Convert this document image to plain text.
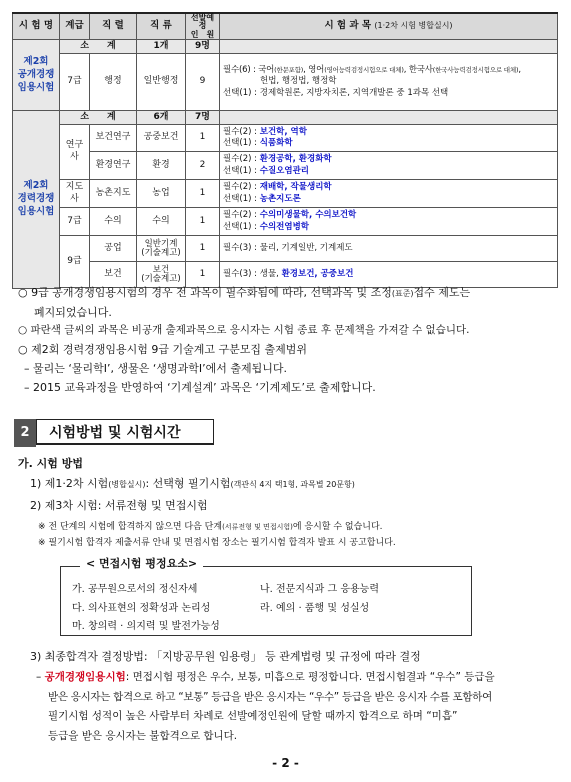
시 험 명	계급	직 렬	직 류	선발예정
인　원	시 험 과 목 (1·2차 시험 병합실시)
제2회
공개경쟁
임용시험	소　　계		1개	9명	
	7급	행정	일반행정	9	필수(6) : 국어(한문포함), 영어(영어능력검정시험으로 대체), 한국사(한국사능력검정시험으로 대체),
헌법, 행정법, 행정학
선택(1) : 경제학원론, 지방자치론, 지역개발론 중 1과목 선택

제2회
경력경쟁
임용시험	소　　계		6개	7명	
	연구사	보건연구	공중보건	1	필수(2) : 보건학, 역학
선택(1) : 식품화학

		환경연구	환경	2	필수(2) : 환경공학, 환경화학
선택(1) : 수질오염관리

	지도사	농촌지도	농업	1	필수(2) : 재배학, 작물생리학
선택(1) : 농촌지도론

	7급	수의	수의	1	필수(2) : 수의미생물학, 수의보건학
선택(1) : 수의전염병학

	9급	공업	일반기계
(기술계고)	1	필수(3) : 물리, 기계일반, 기계제도
		보건	보건
(기술계고)	1	필수(3) : 생물, 환경보건, 공중보건

○ 9급 공개경쟁임용시험의 경우 전 과목이 필수화됨에 따라, 선택과목 및 조정(표준)접수 제도는
폐지되었습니다.
○ 파란색 글씨의 과목은 비공개 출제과목으로 응시자는 시험 종료 후 문제책을 가져갈 수 없습니다.
○ 제2회 경력경쟁임용시험 9급 기술계고 구분모집 출제범위
– 물리는 ‘물리학Ⅰ’, 생물은 ‘생명과학Ⅰ’에서 출제됩니다.
– 2015 교육과정을 반영하여 ‘기계설계’ 과목은 ‘기계제도’로 출제합니다.
2	시험방법 및 시험시간
가. 시험 방법
1) 제1·2차 시험(병합실시): 선택형 필기시험(객관식 4지 택1형, 과목별 20문항)
2) 제3차 시험: 서류전형 및 면접시험
※ 전 단계의 시험에 합격하지 않으면 다음 단계(서류전형 및 면접시험)에 응시할 수 없습니다.
※ 필기시험 합격자 제출서류 안내 및 면접시험 장소는 필기시험 합격자 발표 시 공고합니다.
< 면접시험 평정요소>
가. 공무원으로서의 정신자세	나. 전문지식과 그 응용능력
다. 의사표현의 정확성과 논리성	라. 예의 · 품행 및 성실성
마. 창의력 · 의지력 및 발전가능성
3) 최종합격자 결정방법: 「지방공무원 임용령」 등 관계법령 및 규정에 따라 결정
– 공개경쟁임용시험: 면접시험 평정은 우수, 보통, 미흡으로 평정합니다. 면접시험결과 “우수” 등급을
받은 응시자는 합격으로 하고 “보통” 등급을 받은 응시자는 “우수” 등급을 받은 응시자 수를 포함하여
필기시험 성적이 높은 사람부터 차례로 선발예정인원에 달할 때까지 합격으로 하며 “미흡”
등급을 받은 응시자는 불합격으로 합니다.
- 2 -
